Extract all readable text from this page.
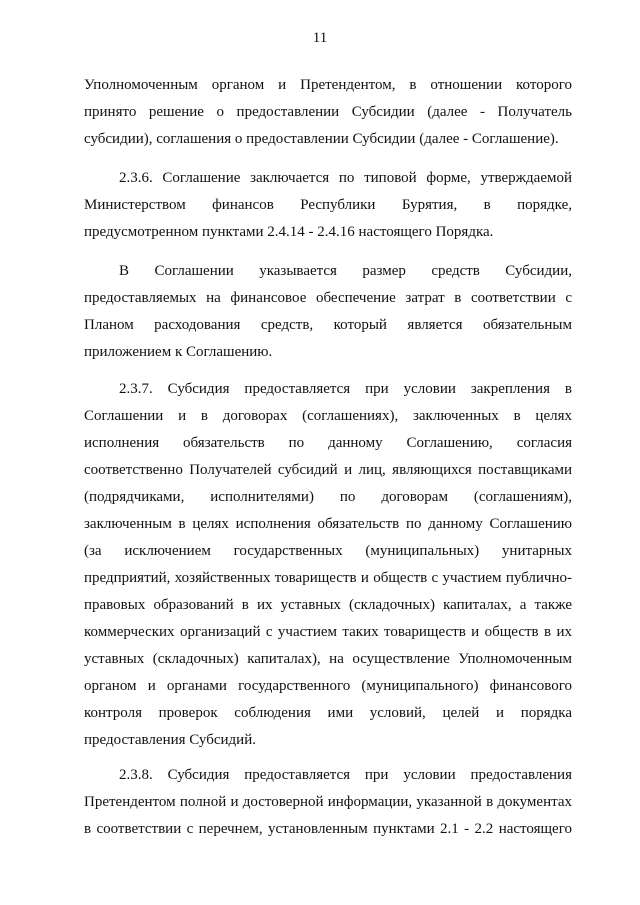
11
Уполномоченным органом и Претендентом, в отношении которого
принято решение о предоставлении Субсидии (далее - Получатель
субсидии), соглашения о предоставлении Субсидии (далее - Соглашение).
2.3.6. Соглашение заключается по типовой форме, утверждаемой
Министерством финансов Республики Бурятия, в порядке,
предусмотренном пунктами 2.4.14 - 2.4.16 настоящего Порядка.
В Соглашении указывается размер средств Субсидии,
предоставляемых на финансовое обеспечение затрат в соответствии с
Планом расходования средств, который является обязательным
приложением к Соглашению.
2.3.7. Субсидия предоставляется при условии закрепления в
Соглашении и в договорах (соглашениях), заключенных в целях
исполнения обязательств по данному Соглашению, согласия
соответственно Получателей субсидий и лиц, являющихся поставщиками
(подрядчиками, исполнителями) по договорам (соглашениям),
заключенным в целях исполнения обязательств по данному Соглашению
(за исключением государственных (муниципальных) унитарных
предприятий, хозяйственных товариществ и обществ с участием публично-
правовых образований в их уставных (складочных) капиталах, а также
коммерческих организаций с участием таких товариществ и обществ в их
уставных (складочных) капиталах), на осуществление Уполномоченным
органом и органами государственного (муниципального) финансового
контроля проверок соблюдения ими условий, целей и порядка
предоставления Субсидий.
2.3.8. Субсидия предоставляется при условии предоставления
Претендентом полной и достоверной информации, указанной в документах
в соответствии с перечнем, установленным пунктами 2.1 - 2.2 настоящего
